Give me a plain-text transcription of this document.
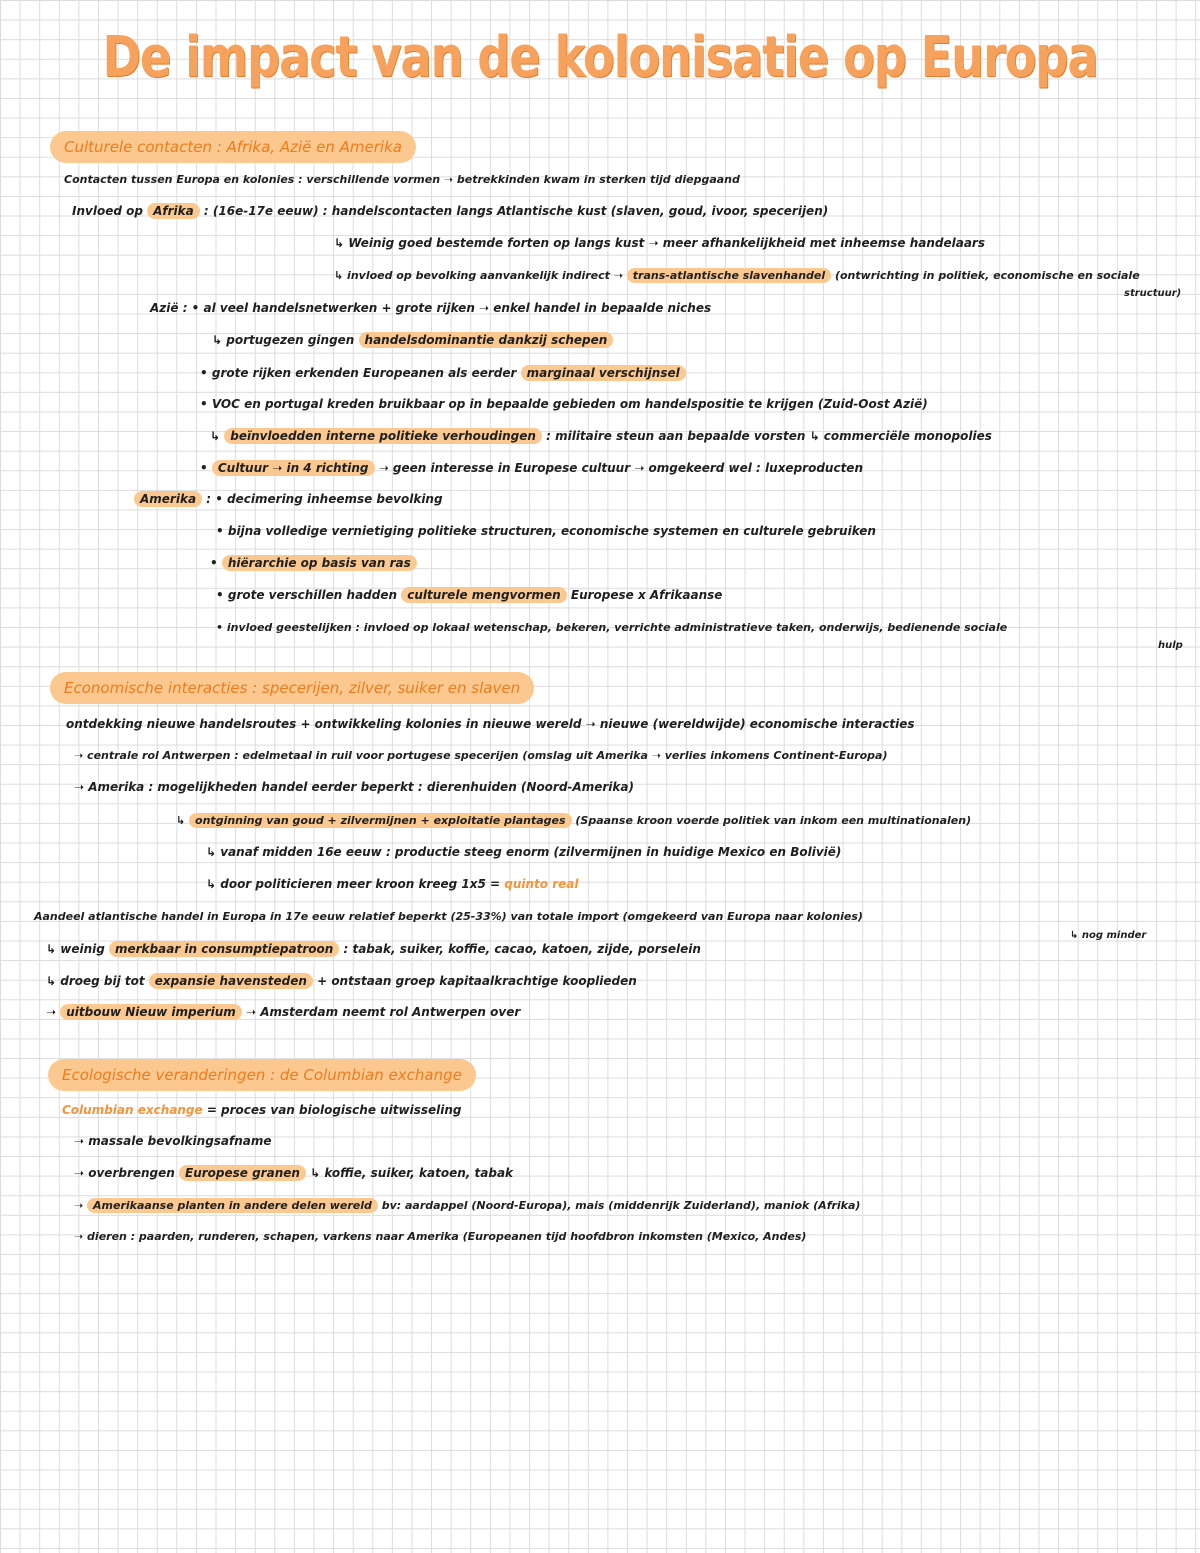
De impact van de kolonisatie op Europa
Culturele contacten : Afrika, Azië en Amerika
Contacten tussen Europa en kolonies : verschillende vormen ➝ betrekkinden kwam in sterken tijd diepgaand
Invloed op Afrika : (16e-17e eeuw) : handelscontacten langs Atlantische kust (slaven, goud, ivoor, specerijen)
↳ Weinig goed bestemde forten op langs kust ➝ meer afhankelijkheid met inheemse handelaars
↳ invloed op bevolking aanvankelijk indirect ➝ trans-atlantische slavenhandel (ontwrichting in politiek, economische en sociale
structuur)
Azië : • al veel handelsnetwerken + grote rijken ➝ enkel handel in bepaalde niches
↳ portugezen gingen handelsdominantie dankzij schepen
• grote rijken erkenden Europeanen als eerder marginaal verschijnsel
• VOC en portugal kreden bruikbaar op in bepaalde gebieden om handelspositie te krijgen (Zuid-Oost Azië)
↳ beïnvloedden interne politieke verhoudingen : militaire steun aan bepaalde vorsten ↳ commerciële monopolies
• Cultuur ➝ in 4 richting ➝ geen interesse in Europese cultuur ➝ omgekeerd wel : luxeproducten
Amerika : • decimering inheemse bevolking
• bijna volledige vernietiging politieke structuren, economische systemen en culturele gebruiken
• hiërarchie op basis van ras
• grote verschillen hadden culturele mengvormen Europese x Afrikaanse
• invloed geestelijken : invloed op lokaal wetenschap, bekeren, verrichte administratieve taken, onderwijs, bedienende sociale
hulp
Economische interacties : specerijen, zilver, suiker en slaven
ontdekking nieuwe handelsroutes + ontwikkeling kolonies in nieuwe wereld ➝ nieuwe (wereldwijde) economische interacties
➝ centrale rol Antwerpen : edelmetaal in ruil voor portugese specerijen (omslag uit Amerika ➝ verlies inkomens Continent-Europa)
➝ Amerika : mogelijkheden handel eerder beperkt : dierenhuiden (Noord-Amerika)
↳ ontginning van goud + zilvermijnen + exploitatie plantages (Spaanse kroon voerde politiek van inkom een multinationalen)
↳ vanaf midden 16e eeuw : productie steeg enorm (zilvermijnen in huidige Mexico en Bolivië)
↳ door politicieren meer kroon kreeg 1x5 = quinto real
Aandeel atlantische handel in Europa in 17e eeuw relatief beperkt (25-33%) van totale import (omgekeerd van Europa naar kolonies)
↳ nog minder
↳ weinig merkbaar in consumptiepatroon : tabak, suiker, koffie, cacao, katoen, zijde, porselein
↳ droeg bij tot expansie havensteden + ontstaan groep kapitaalkrachtige kooplieden
➝ uitbouw Nieuw imperium ➝ Amsterdam neemt rol Antwerpen over
Ecologische veranderingen : de Columbian exchange
Columbian exchange = proces van biologische uitwisseling
➝ massale bevolkingsafname
➝ overbrengen Europese granen ↳ koffie, suiker, katoen, tabak
➝ Amerikaanse planten in andere delen wereld bv: aardappel (Noord-Europa), mais (middenrijk Zuiderland), maniok (Afrika)
➝ dieren : paarden, runderen, schapen, varkens naar Amerika (Europeanen tijd hoofdbron inkomsten (Mexico, Andes)
